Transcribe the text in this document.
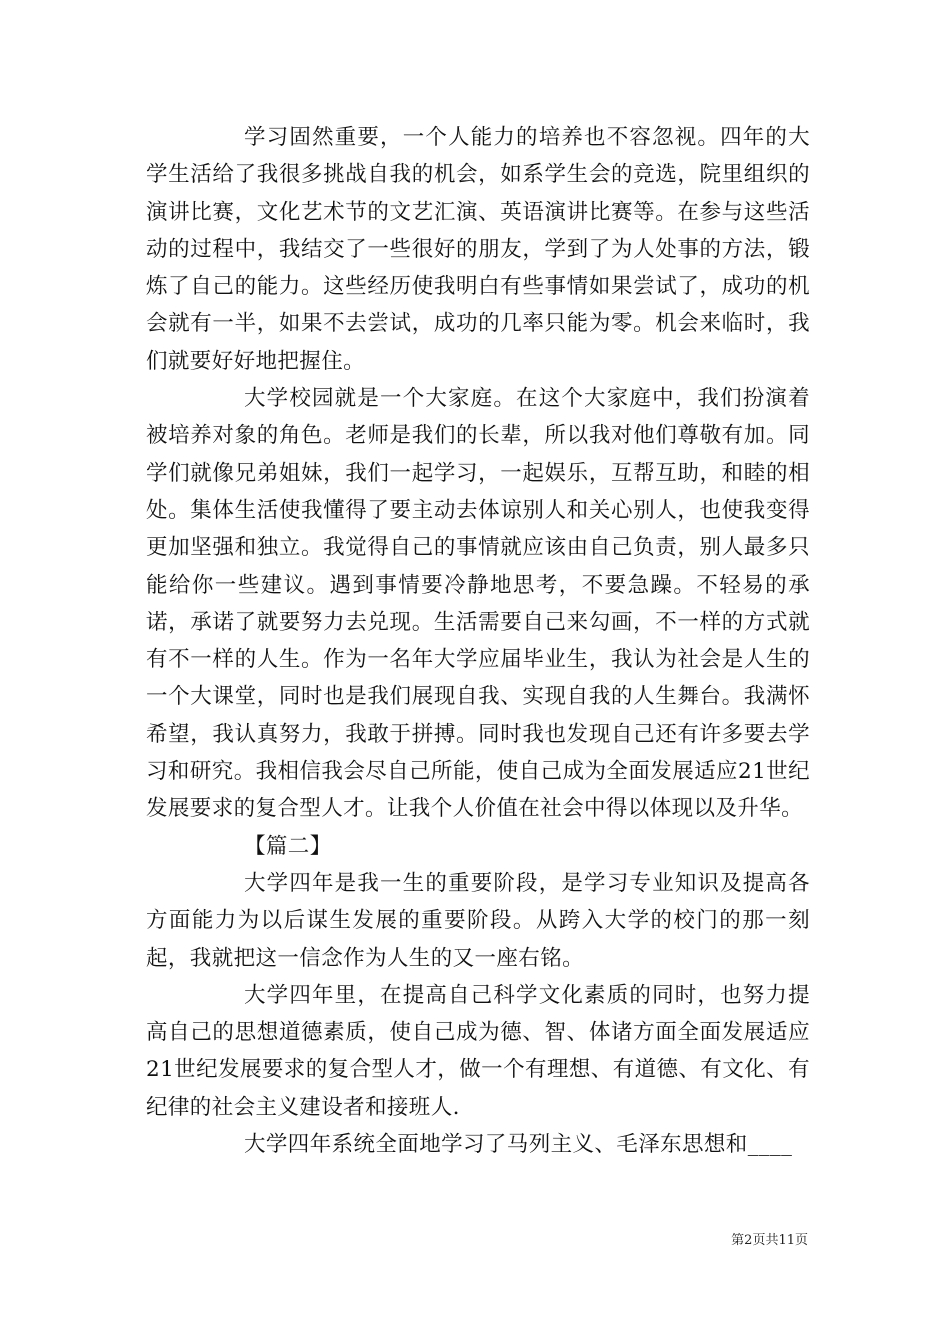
学习固然重要，一个人能力的培养也不容忽视。四年的大学生活给了我很多挑战自我的机会，如系学生会的竞选，院里组织的演讲比赛，文化艺术节的文艺汇演、英语演讲比赛等。在参与这些活动的过程中，我结交了一些很好的朋友，学到了为人处事的方法，锻炼了自己的能力。这些经历使我明白有些事情如果尝试了，成功的机会就有一半，如果不去尝试，成功的几率只能为零。机会来临时，我们就要好好地把握住。

大学校园就是一个大家庭。在这个大家庭中，我们扮演着被培养对象的角色。老师是我们的长辈，所以我对他们尊敬有加。同学们就像兄弟姐妹，我们一起学习，一起娱乐，互帮互助，和睦的相处。集体生活使我懂得了要主动去体谅别人和关心别人，也使我变得更加坚强和独立。我觉得自己的事情就应该由自己负责，别人最多只能给你一些建议。遇到事情要冷静地思考，不要急躁。不轻易的承诺，承诺了就要努力去兑现。生活需要自己来勾画，不一样的方式就有不一样的人生。作为一名年大学应届毕业生，我认为社会是人生的一个大课堂，同时也是我们展现自我、实现自我的人生舞台。我满怀希望，我认真努力，我敢于拼搏。同时我也发现自己还有许多要去学习和研究。我相信我会尽自己所能，使自己成为全面发展适应21世纪发展要求的复合型人才。让我个人价值在社会中得以体现以及升华。

【篇二】

大学四年是我一生的重要阶段，是学习专业知识及提高各方面能力为以后谋生发展的重要阶段。从跨入大学的校门的那一刻起，我就把这一信念作为人生的又一座右铭。

大学四年里，在提高自己科学文化素质的同时，也努力提高自己的思想道德素质，使自己成为德、智、体诸方面全面发展适应21世纪发展要求的复合型人才，做一个有理想、有道德、有文化、有纪律的社会主义建设者和接班人.

大学四年系统全面地学习了马列主义、毛泽东思想和____

第2页共11页
